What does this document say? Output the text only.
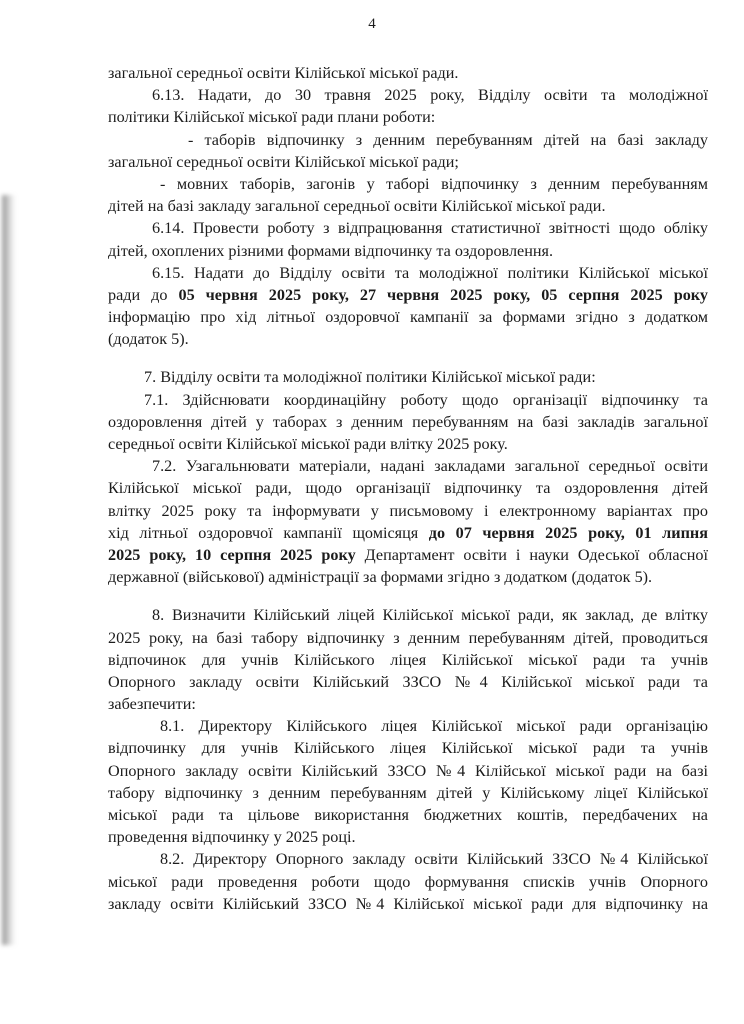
4
загальної середньої освіти Кілійської міської ради.
6.13. Надати, до 30 травня 2025 року, Відділу освіти та молодіжної
політики Кілійської міської ради плани роботи:
- таборів відпочинку з денним перебуванням дітей на базі закладу
загальної середньої освіти Кілійської міської ради;
- мовних таборів, загонів у таборі відпочинку з денним перебуванням
дітей на базі закладу загальної середньої освіти Кілійської міської ради.
6.14. Провести роботу з відпрацювання статистичної звітності щодо обліку
дітей, охоплених різними формами відпочинку та оздоровлення.
6.15. Надати до Відділу освіти та молодіжної політики Кілійської міської
ради до 05 червня 2025 року, 27 червня 2025 року, 05 серпня 2025 року
інформацію про хід літньої оздоровчої кампанії за формами згідно з додатком
(додаток 5).
7. Відділу освіти та молодіжної політики Кілійської міської ради:
7.1. Здійснювати координаційну роботу щодо організації відпочинку та
оздоровлення дітей у таборах з денним перебуванням на базі закладів загальної
середньої освіти Кілійської міської ради влітку 2025 року.
7.2. Узагальнювати матеріали, надані закладами загальної середньої освіти
Кілійської міської ради, щодо організації відпочинку та оздоровлення дітей
влітку 2025 року та інформувати у письмовому і електронному варіантах про
хід літньої оздоровчої кампанії щомісяця до 07 червня 2025 року, 01 липня
2025 року, 10 серпня 2025 року Департамент освіти і науки Одеської обласної
державної (військової) адміністрації за формами згідно з додатком (додаток 5).
8. Визначити Кілійський ліцей Кілійської міської ради, як заклад, де влітку
2025 року, на базі табору відпочинку з денним перебуванням дітей, проводиться
відпочинок для учнів Кілійського ліцея Кілійської міської ради та учнів
Опорного закладу освіти Кілійський ЗЗСО №4 Кілійської міської ради та
забезпечити:
8.1. Директору Кілійського ліцея Кілійської міської ради організацію
відпочинку для учнів Кілійського ліцея Кілійської міської ради та учнів
Опорного закладу освіти Кілійський ЗЗСО №4 Кілійської міської ради на базі
табору відпочинку з денним перебуванням дітей у Кілійському ліцеї Кілійської
міської ради та цільове використання бюджетних коштів, передбачених на
проведення відпочинку у 2025 році.
8.2. Директору Опорного закладу освіти Кілійський ЗЗСО №4 Кілійської
міської ради проведення роботи щодо формування списків учнів Опорного
закладу освіти Кілійський ЗЗСО №4 Кілійської міської ради для відпочинку на
